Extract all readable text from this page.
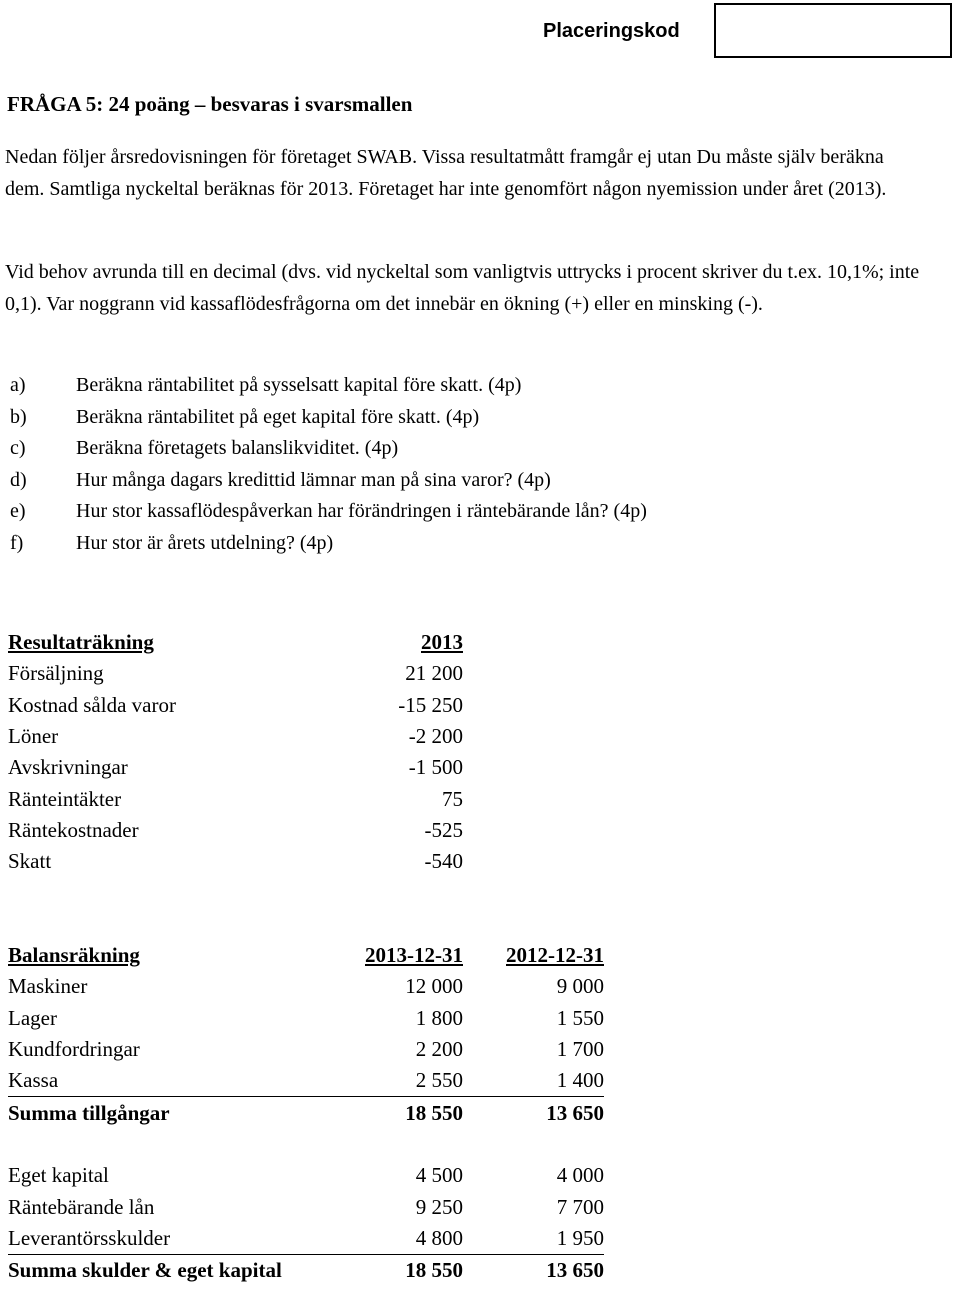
Placeringskod
FRÅGA 5: 24 poäng – besvaras i svarsmallen
Nedan följer årsredovisningen för företaget SWAB. Vissa resultatmått framgår ej utan Du måste själv beräkna dem. Samtliga nyckeltal beräknas för 2013. Företaget har inte genomfört någon nyemission under året (2013).
Vid behov avrunda till en decimal (dvs. vid nyckeltal som vanligtvis uttrycks i procent skriver du t.ex. 10,1%; inte 0,1). Var noggrann vid kassaflödesfrågorna om det innebär en ökning (+) eller en minsking (-).
a)	Beräkna räntabilitet på sysselsatt kapital före skatt. (4p)
b) Beräkna räntabilitet på eget kapital före skatt. (4p)
c)	Beräkna företagets balanslikviditet. (4p)
d) Hur många dagars kredittid lämnar man på sina varor? (4p)
e)	Hur stor kassaflödespåverkan har förändringen i räntebärande lån? (4p)
f)	Hur stor är årets utdelning? (4p)
Resultaträkning	2013
Försäljning	21 200
Kostnad sålda varor	-15 250
Löner	-2 200
Avskrivningar	-1 500
Ränteintäkter	75
Räntekostnader	-525
Skatt	-540
Balansräkning	2013-12-31	2012-12-31
Maskiner	12 000	9 000
Lager	1 800	1 550
Kundfordringar	2 200	1 700
Kassa	2 550	1 400
Summa tillgångar	18 550	13 650

Eget kapital	4 500	4 000
Räntebärande lån	9 250	7 700
Leverantörsskulder	4 800	1 950
Summa skulder & eget kapital	18 550	13 650
